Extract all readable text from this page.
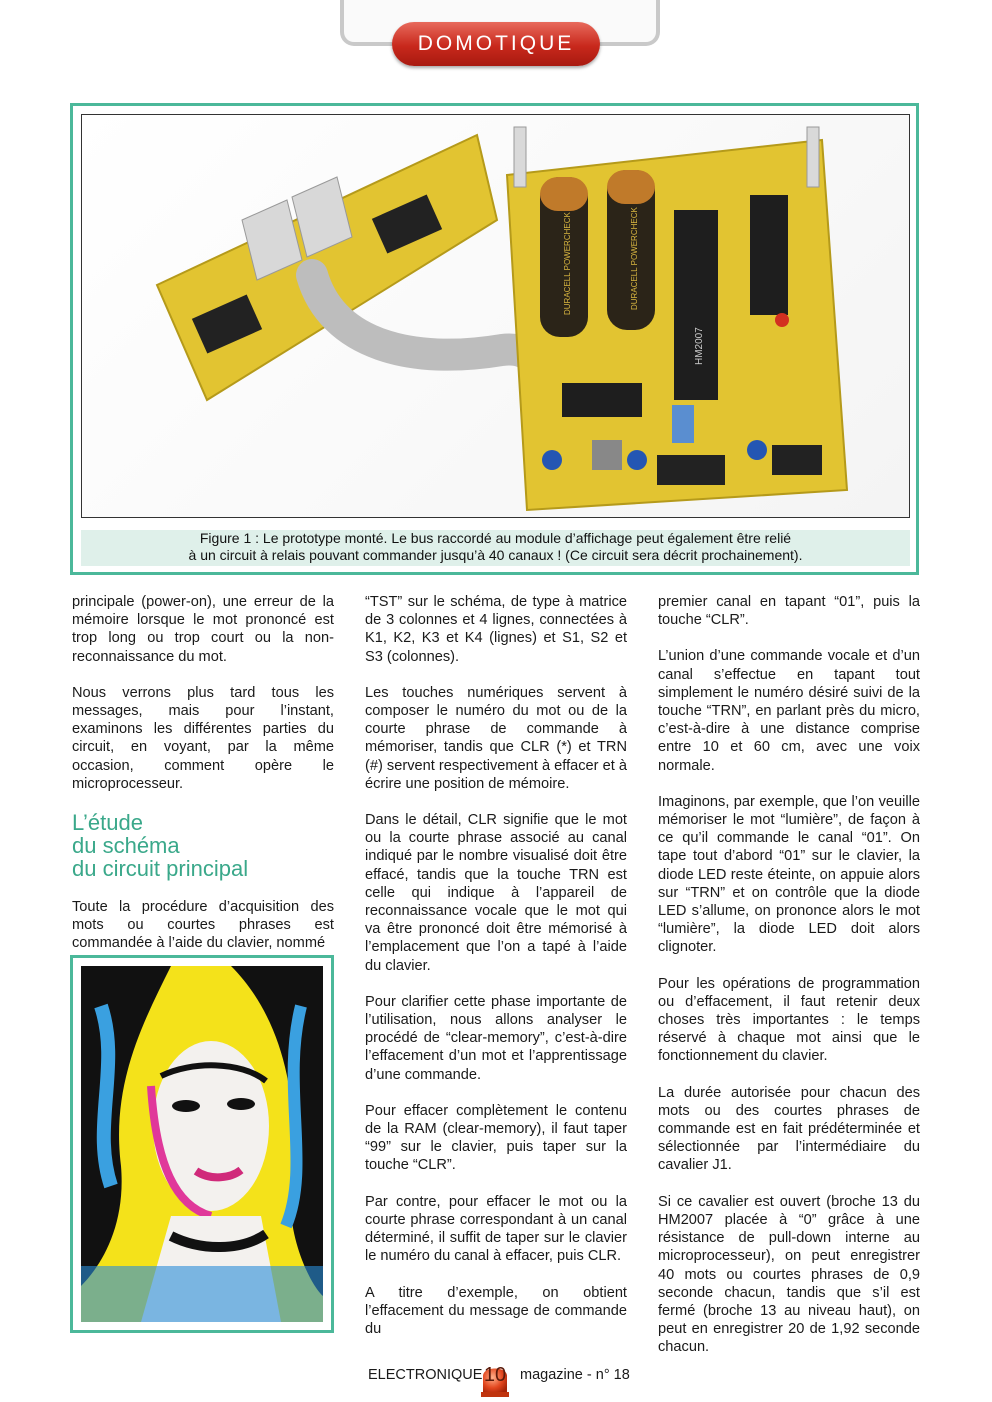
DOMOTIQUE
DURACELL POWERCHECK	DURACELL POWERCHECK
HM2007
Figure 1 : Le prototype monté. Le bus raccordé au module d’affichage peut également être relié
à un circuit à relais pouvant commander jusqu’à 40 canaux ! (Ce circuit sera décrit prochainement).

principale (power-on), une erreur de la mémoire lorsque le mot prononcé est trop long ou trop court ou la non-reconnaissance du mot.

Nous verrons plus tard tous les messages, mais pour l’instant, examinons les différentes parties du circuit, en voyant, par la même occasion, comment opère le microprocesseur.

L’étude
du schéma
du circuit principal

Toute la procédure d’acquisition des mots ou courtes phrases est commandée à l’aide du clavier, nommé

“TST” sur le schéma, de type à matrice de 3 colonnes et 4 lignes, connectées à K1, K2, K3 et K4 (lignes) et S1, S2 et S3 (colonnes).

Les touches numériques servent à composer le numéro du mot ou de la courte phrase de commande à mémoriser, tandis que CLR (*) et TRN (#) servent respectivement à effacer et à écrire une position de mémoire.

Dans le détail, CLR signifie que le mot ou la courte phrase associé au canal indiqué par le nombre visualisé doit être effacé, tandis que la touche TRN est celle qui indique à l’appareil de reconnaissance vocale que le mot qui va être prononcé doit être mémorisé à l’emplacement que l’on a tapé à l’aide du clavier.

Pour clarifier cette phase importante de l’utilisation, nous allons analyser le procédé de “clear-memory”, c’est-à-dire l’effacement d’un mot et l’apprentissage d’une commande.

Pour effacer complètement le contenu de la RAM (clear-memory), il faut taper “99” sur le clavier, puis taper sur la touche “CLR”.

Par contre, pour effacer le mot ou la courte phrase correspondant à un canal déterminé, il suffit de taper sur le clavier le numéro du canal à effacer, puis CLR.

A titre d’exemple, on obtient l’effacement du message de commande du

premier canal en tapant “01”, puis la touche “CLR”.

L’union d’une commande vocale et d’un canal s’effectue en tapant tout simplement le numéro désiré suivi de la touche “TRN”, en parlant près du micro, c’est-à-dire à une distance comprise entre 10 et 60 cm, avec une voix normale.

Imaginons, par exemple, que l’on veuille mémoriser le mot “lumière”, de façon à ce qu’il commande le canal “01”. On tape tout d’abord “01” sur le clavier, la diode LED reste éteinte, on appuie alors sur “TRN” et on contrôle que la diode LED s’allume, on prononce alors le mot “lumière”, la diode LED doit alors clignoter.

Pour les opérations de programmation ou d’effacement, il faut retenir deux choses très importantes : le temps réservé à chaque mot ainsi que le fonctionnement du clavier.

La durée autorisée pour chacun des mots ou des courtes phrases de commande est en fait prédéterminée et sélectionnée par l’intermédiaire du cavalier J1.

Si ce cavalier est ouvert (broche 13 du HM2007 placée à “0” grâce à une résistance de pull-down interne au microprocesseur), on peut enregistrer 40 mots ou courtes phrases de 0,9 seconde chacun, tandis que s’il est fermé (broche 13 au niveau haut), on peut en enregistrer 20 de 1,92 seconde chacun.

ELECTRONIQUE 10 magazine - n° 18
